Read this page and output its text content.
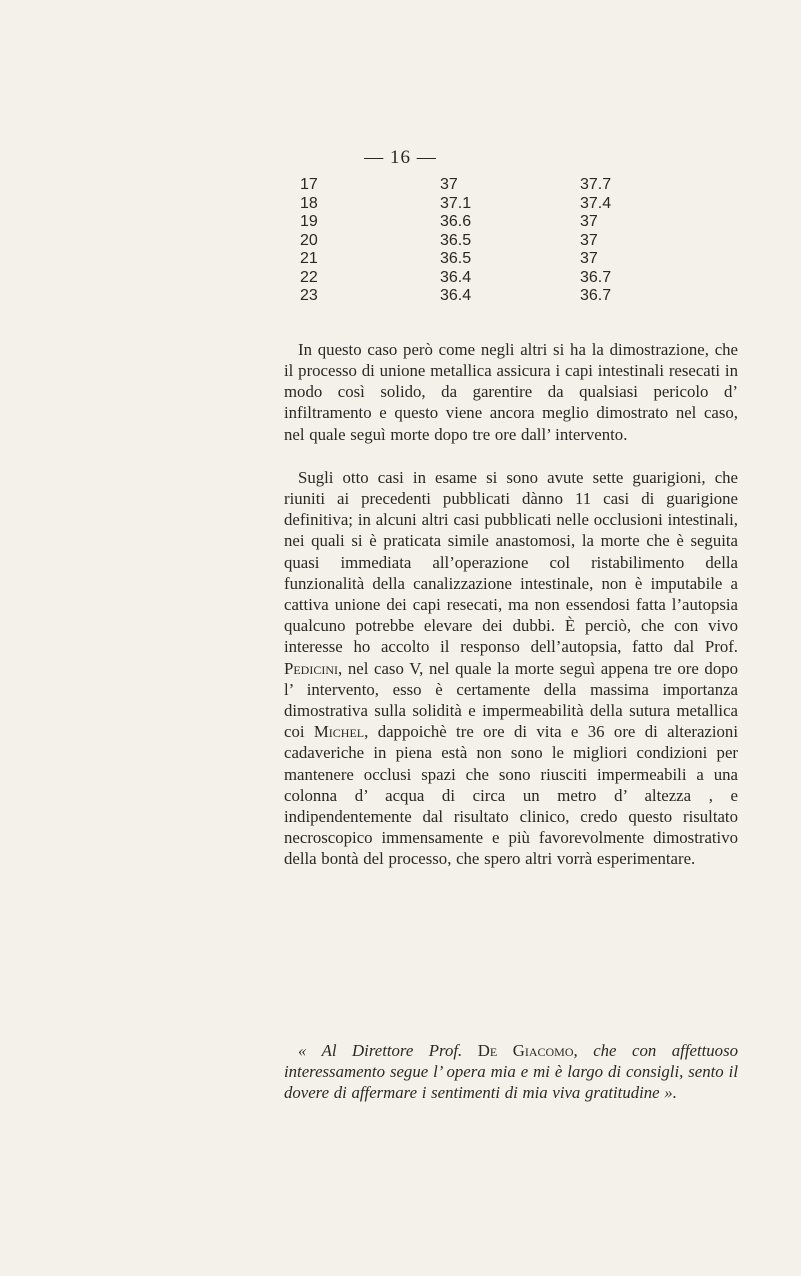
— 16 —
17	37	37.7
18	37.1	37.4
19	36.6	37
20	36.5	37
21	36.5	37
22	36.4	36.7
23	36.4	36.7

In questo caso però come negli altri si ha la dimostrazione, che il processo di unione metallica assicura i capi intestinali resecati in modo così solido, da garentire da qualsiasi pericolo d’ infiltramento e questo viene ancora meglio dimostrato nel caso, nel quale seguì morte dopo tre ore dall’ intervento.

Sugli otto casi in esame si sono avute sette guarigioni, che riuniti ai precedenti pubblicati dànno 11 casi di guarigione definitiva; in alcuni altri casi pubblicati nelle occlusioni intestinali, nei quali si è praticata simile anastomosi, la morte che è seguita quasi immediata all’operazione col ristabilimento della funzionalità della canalizzazione intestinale, non è imputabile a cattiva unione dei capi resecati, ma non essendosi fatta l’autopsia qualcuno potrebbe elevare dei dubbi. È perciò, che con vivo interesse ho accolto il responso dell’autopsia, fatto dal Prof. Pedicini, nel caso V, nel quale la morte seguì appena tre ore dopo l’ intervento, esso è certamente della massima importanza dimostrativa sulla solidità e impermeabilità della sutura metallica coi Michel, dappoichè tre ore di vita e 36 ore di alterazioni cadaveriche in piena està non sono le migliori condizioni per mantenere occlusi spazi che sono riusciti impermeabili a una colonna d’ acqua di circa un metro d’ altezza , e indipendentemente dal risultato clinico, credo questo risultato necroscopico immensamente e più favorevolmente dimostrativo della bontà del processo, che spero altri vorrà esperimentare.

« Al Direttore Prof. De Giacomo, che con affettuoso interessamento segue l’ opera mia e mi è largo di consigli, sento il dovere di affermare i sentimenti di mia viva gratitudine ».
